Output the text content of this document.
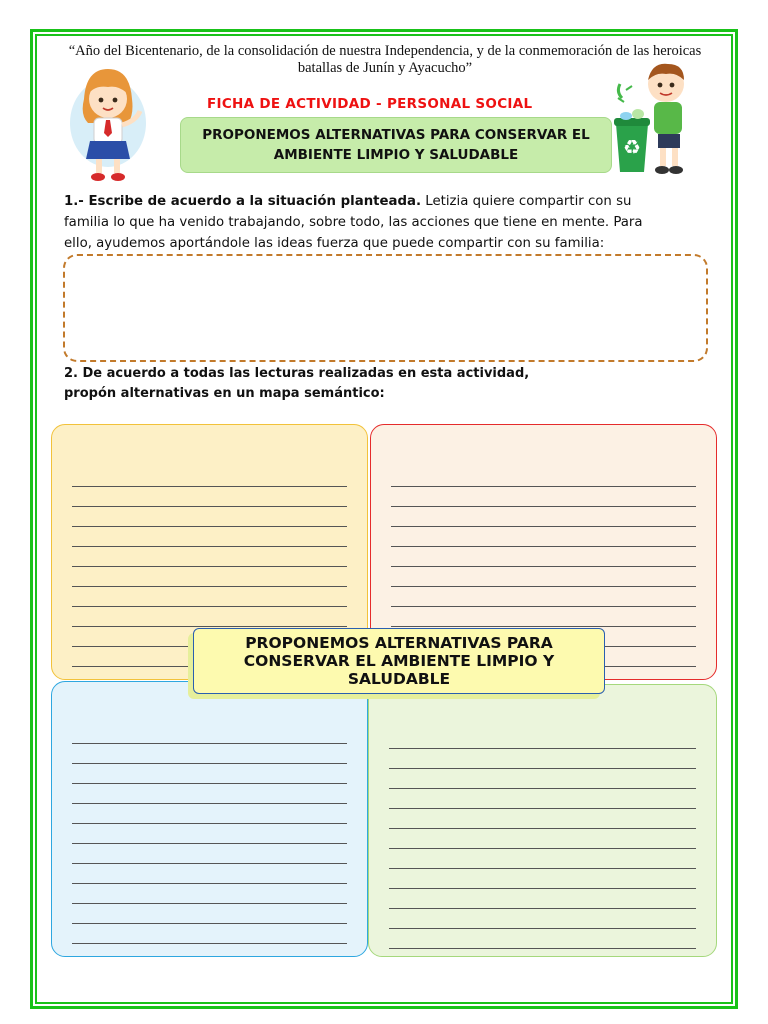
“Año del Bicentenario, de la consolidación de nuestra Independencia, y de la conmemoración de las heroicas batallas de Junín y Ayacucho”
♻
FICHA DE ACTIVIDAD - PERSONAL SOCIAL
PROPONEMOS ALTERNATIVAS PARA CONSERVAR EL AMBIENTE LIMPIO Y SALUDABLE
1.- Escribe de acuerdo a la situación planteada. Letizia quiere compartir con su familia lo que ha venido trabajando, sobre todo, las acciones que tiene en mente. Para ello, ayudemos aportándole las ideas fuerza que puede compartir con su familia:
2. De acuerdo a todas las lecturas realizadas en esta actividad, propón alternativas en un mapa semántico:
PROPONEMOS ALTERNATIVAS PARA CONSERVAR EL AMBIENTE LIMPIO Y SALUDABLE
